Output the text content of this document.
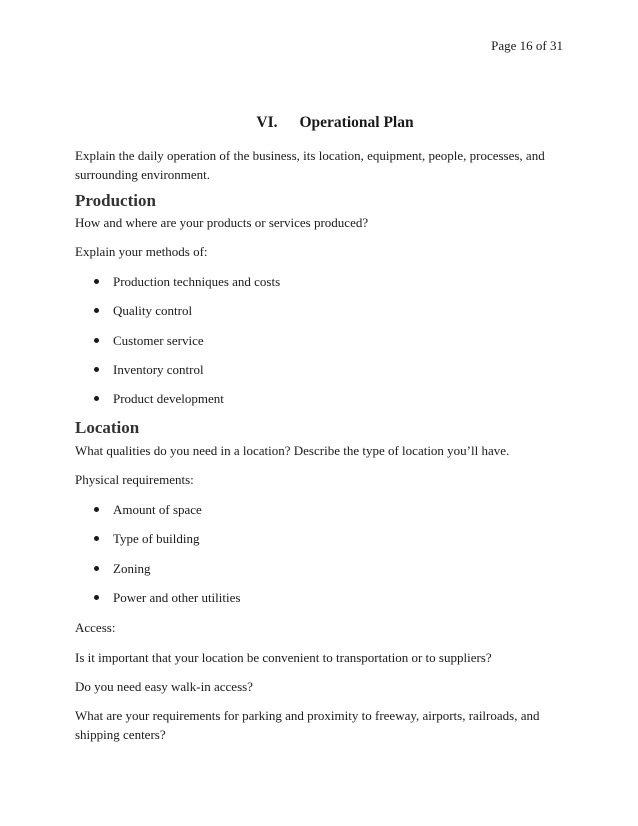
Page 16 of 31
VI. Operational Plan
Explain the daily operation of the business, its location, equipment, people, processes, and surrounding environment.
Production
How and where are your products or services produced?
Explain your methods of:
Production techniques and costs
Quality control
Customer service
Inventory control
Product development
Location
What qualities do you need in a location? Describe the type of location you’ll have.
Physical requirements:
Amount of space
Type of building
Zoning
Power and other utilities
Access:
Is it important that your location be convenient to transportation or to suppliers?
Do you need easy walk-in access?
What are your requirements for parking and proximity to freeway, airports, railroads, and shipping centers?
